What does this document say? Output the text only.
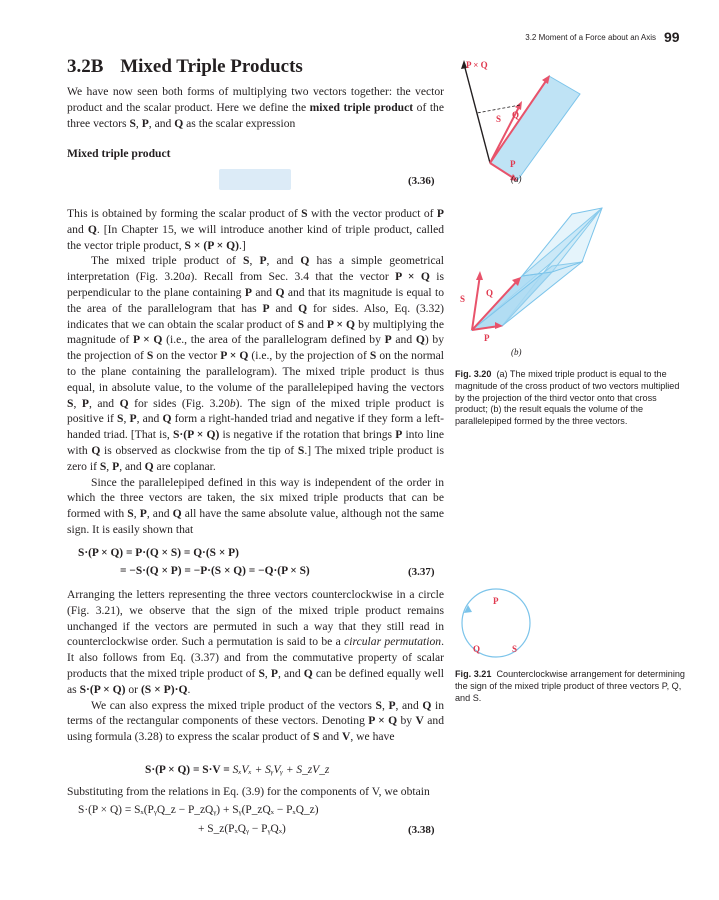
3.2 Moment of a Force about an Axis 99
3.2B Mixed Triple Products

We have now seen both forms of multiplying two vectors together: the vector product and the scalar product. Here we define the mixed triple product of the three vectors S, P, and Q as the scalar expression

Mixed triple product
(3.36)

This is obtained by forming the scalar product of S with the vector product of P and Q. [In Chapter 15, we will introduce another kind of triple product, called the vector triple product, S × (P × Q).]

The mixed triple product of S, P, and Q has a simple geometrical interpretation (Fig. 3.20a). Recall from Sec. 3.4 that the vector P × Q is perpendicular to the plane containing P and Q and that its magnitude is equal to the area of the parallelogram that has P and Q for sides. Also, Eq. (3.32) indicates that we can obtain the scalar product of S and P × Q by multiplying the magnitude of P × Q (i.e., the area of the parallelogram defined by P and Q) by the projection of S on the vector P × Q (i.e., by the projection of S on the normal to the plane containing the parallelogram). The mixed triple product is thus equal, in absolute value, to the volume of the parallelepiped having the vectors S, P, and Q for sides (Fig. 3.20b). The sign of the mixed triple product is positive if S, P, and Q form a right-handed triad and negative if they form a left-handed triad. [That is, S·(P × Q) is negative if the rotation that brings P into line with Q is observed as clockwise from the tip of S.] The mixed triple product is zero if S, P, and Q are coplanar.

Since the parallelepiped defined in this way is independent of the order in which the three vectors are taken, the six mixed triple products that can be formed with S, P, and Q all have the same absolute value, although not the same sign. It is easily shown that

S·(P × Q) = P·(Q × S) = Q·(S × P)
= −S·(Q × P) = −P·(S × Q) = −Q·(P × S)	(3.37)

Arranging the letters representing the three vectors counterclockwise in a circle (Fig. 3.21), we observe that the sign of the mixed triple product remains unchanged if the vectors are permuted in such a way that they still read in counterclockwise order. Such a permutation is said to be a circular permutation. It also follows from Eq. (3.37) and from the commutative property of scalar products that the mixed triple product of S, P, and Q can be defined equally well as S·(P × Q) or (S × P)·Q.

We can also express the mixed triple product of the vectors S, P, and Q in terms of the rectangular components of these vectors. Denoting P × Q by V and using formula (3.28) to express the scalar product of S and V, we have

S·(P × Q) = S·V = SₓVₓ + SᵧVᵧ + S_zV_z
Substituting from the relations in Eq. (3.9) for the components of V, we obtain
S·(P × Q) = Sₓ(PᵧQ_z − P_zQᵧ) + Sᵧ(P_zQₓ − PₓQ_z)
+ S_z(PₓQᵧ − PᵧQₓ)	(3.38)
P × Q
S Q
P
(a)
S
Q
P
(b)
Fig. 3.20 (a) The mixed triple product is equal to the magnitude of the cross product of two vectors multiplied by the projection of the third vector onto that cross product; (b) the result equals the volume of the parallelepiped formed by the three vectors.
P
Q	S
Fig. 3.21 Counterclockwise arrangement for determining the sign of the mixed triple product of three vectors P, Q, and S.
